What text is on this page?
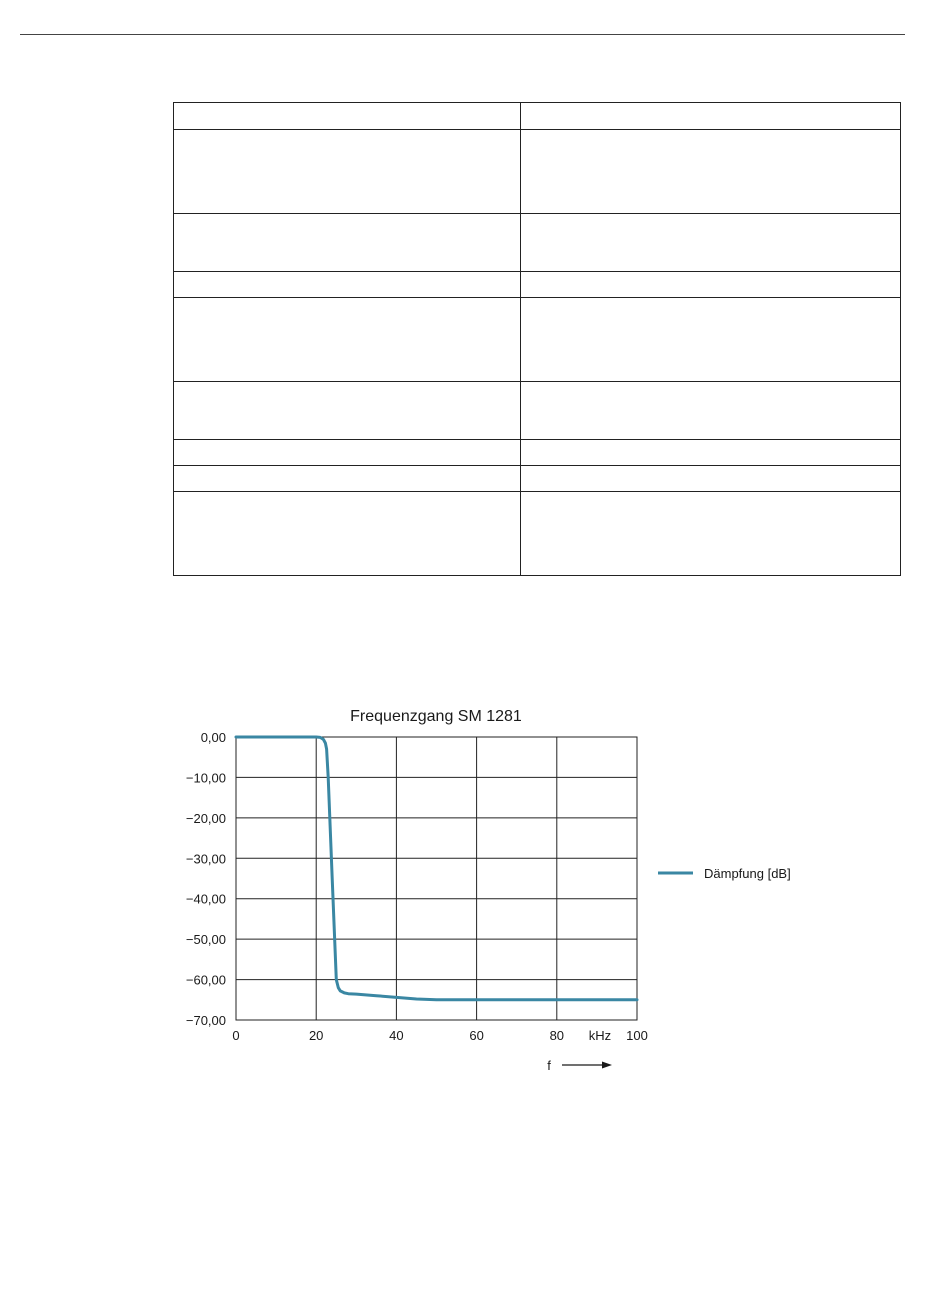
Frequenzgang SM 1281
0,00
−10,00
−20,00
−30,00
−40,00
−50,00
−60,00
−70,00
0	20	40	60	80	100
kHz
f
Dämpfung [dB]
